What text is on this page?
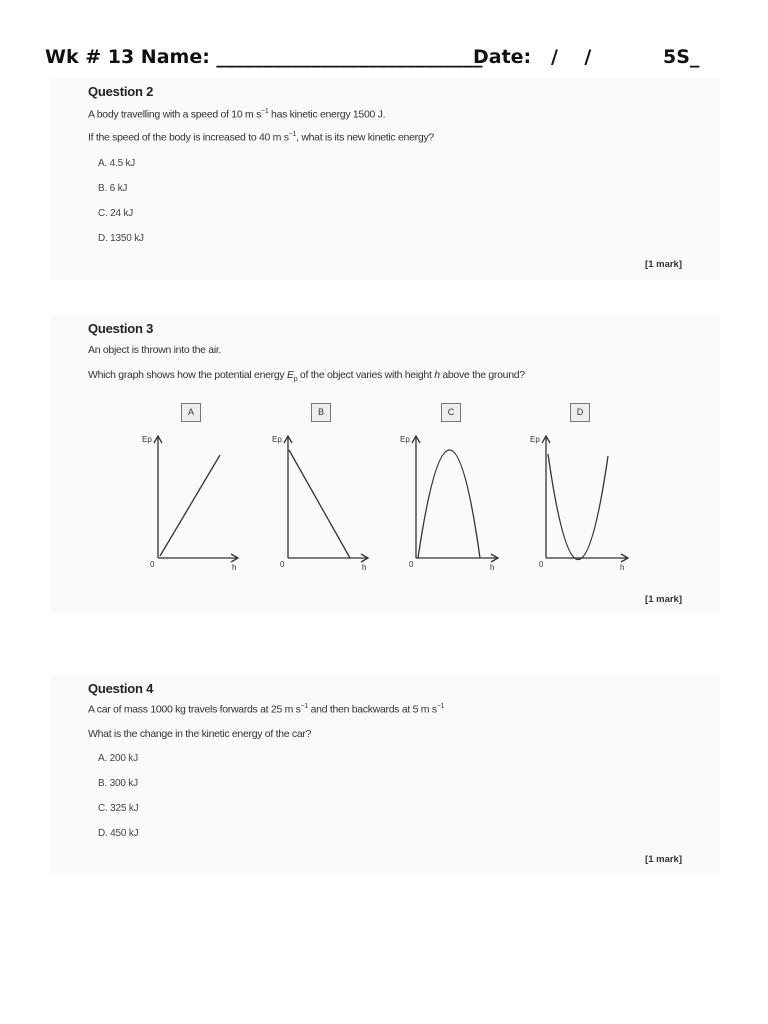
Wk # 13 Name: ____________________________
Date:   /    /	5S_
Question 2
A body travelling with a speed of 10 m $s^{-1}$ has kinetic energy 1500 J.
If the speed of the body is increased to 40 m $s^{-1}$, what is its new kinetic energy?
A. 4.5 kJ
B. 6 kJ
C. 24 kJ
D. 1350 kJ
[1 mark]
Question 3
An object is thrown into the air.
Which graph shows how the potential energy $E_p$ of the object varies with height h above the ground?
A	B	C	D
Ep
0	h
Ep
0	h
Ep
0	h
Ep
0	h
[1 mark]
Question 4
A car of mass 1000 kg travels forwards at 25 m $s^{-1}$ and then backwards at 5 m $s^{-1}$
What is the change in the kinetic energy of the car?
A. 200 kJ
B. 300 kJ
C. 325 kJ
D. 450 kJ
[1 mark]
